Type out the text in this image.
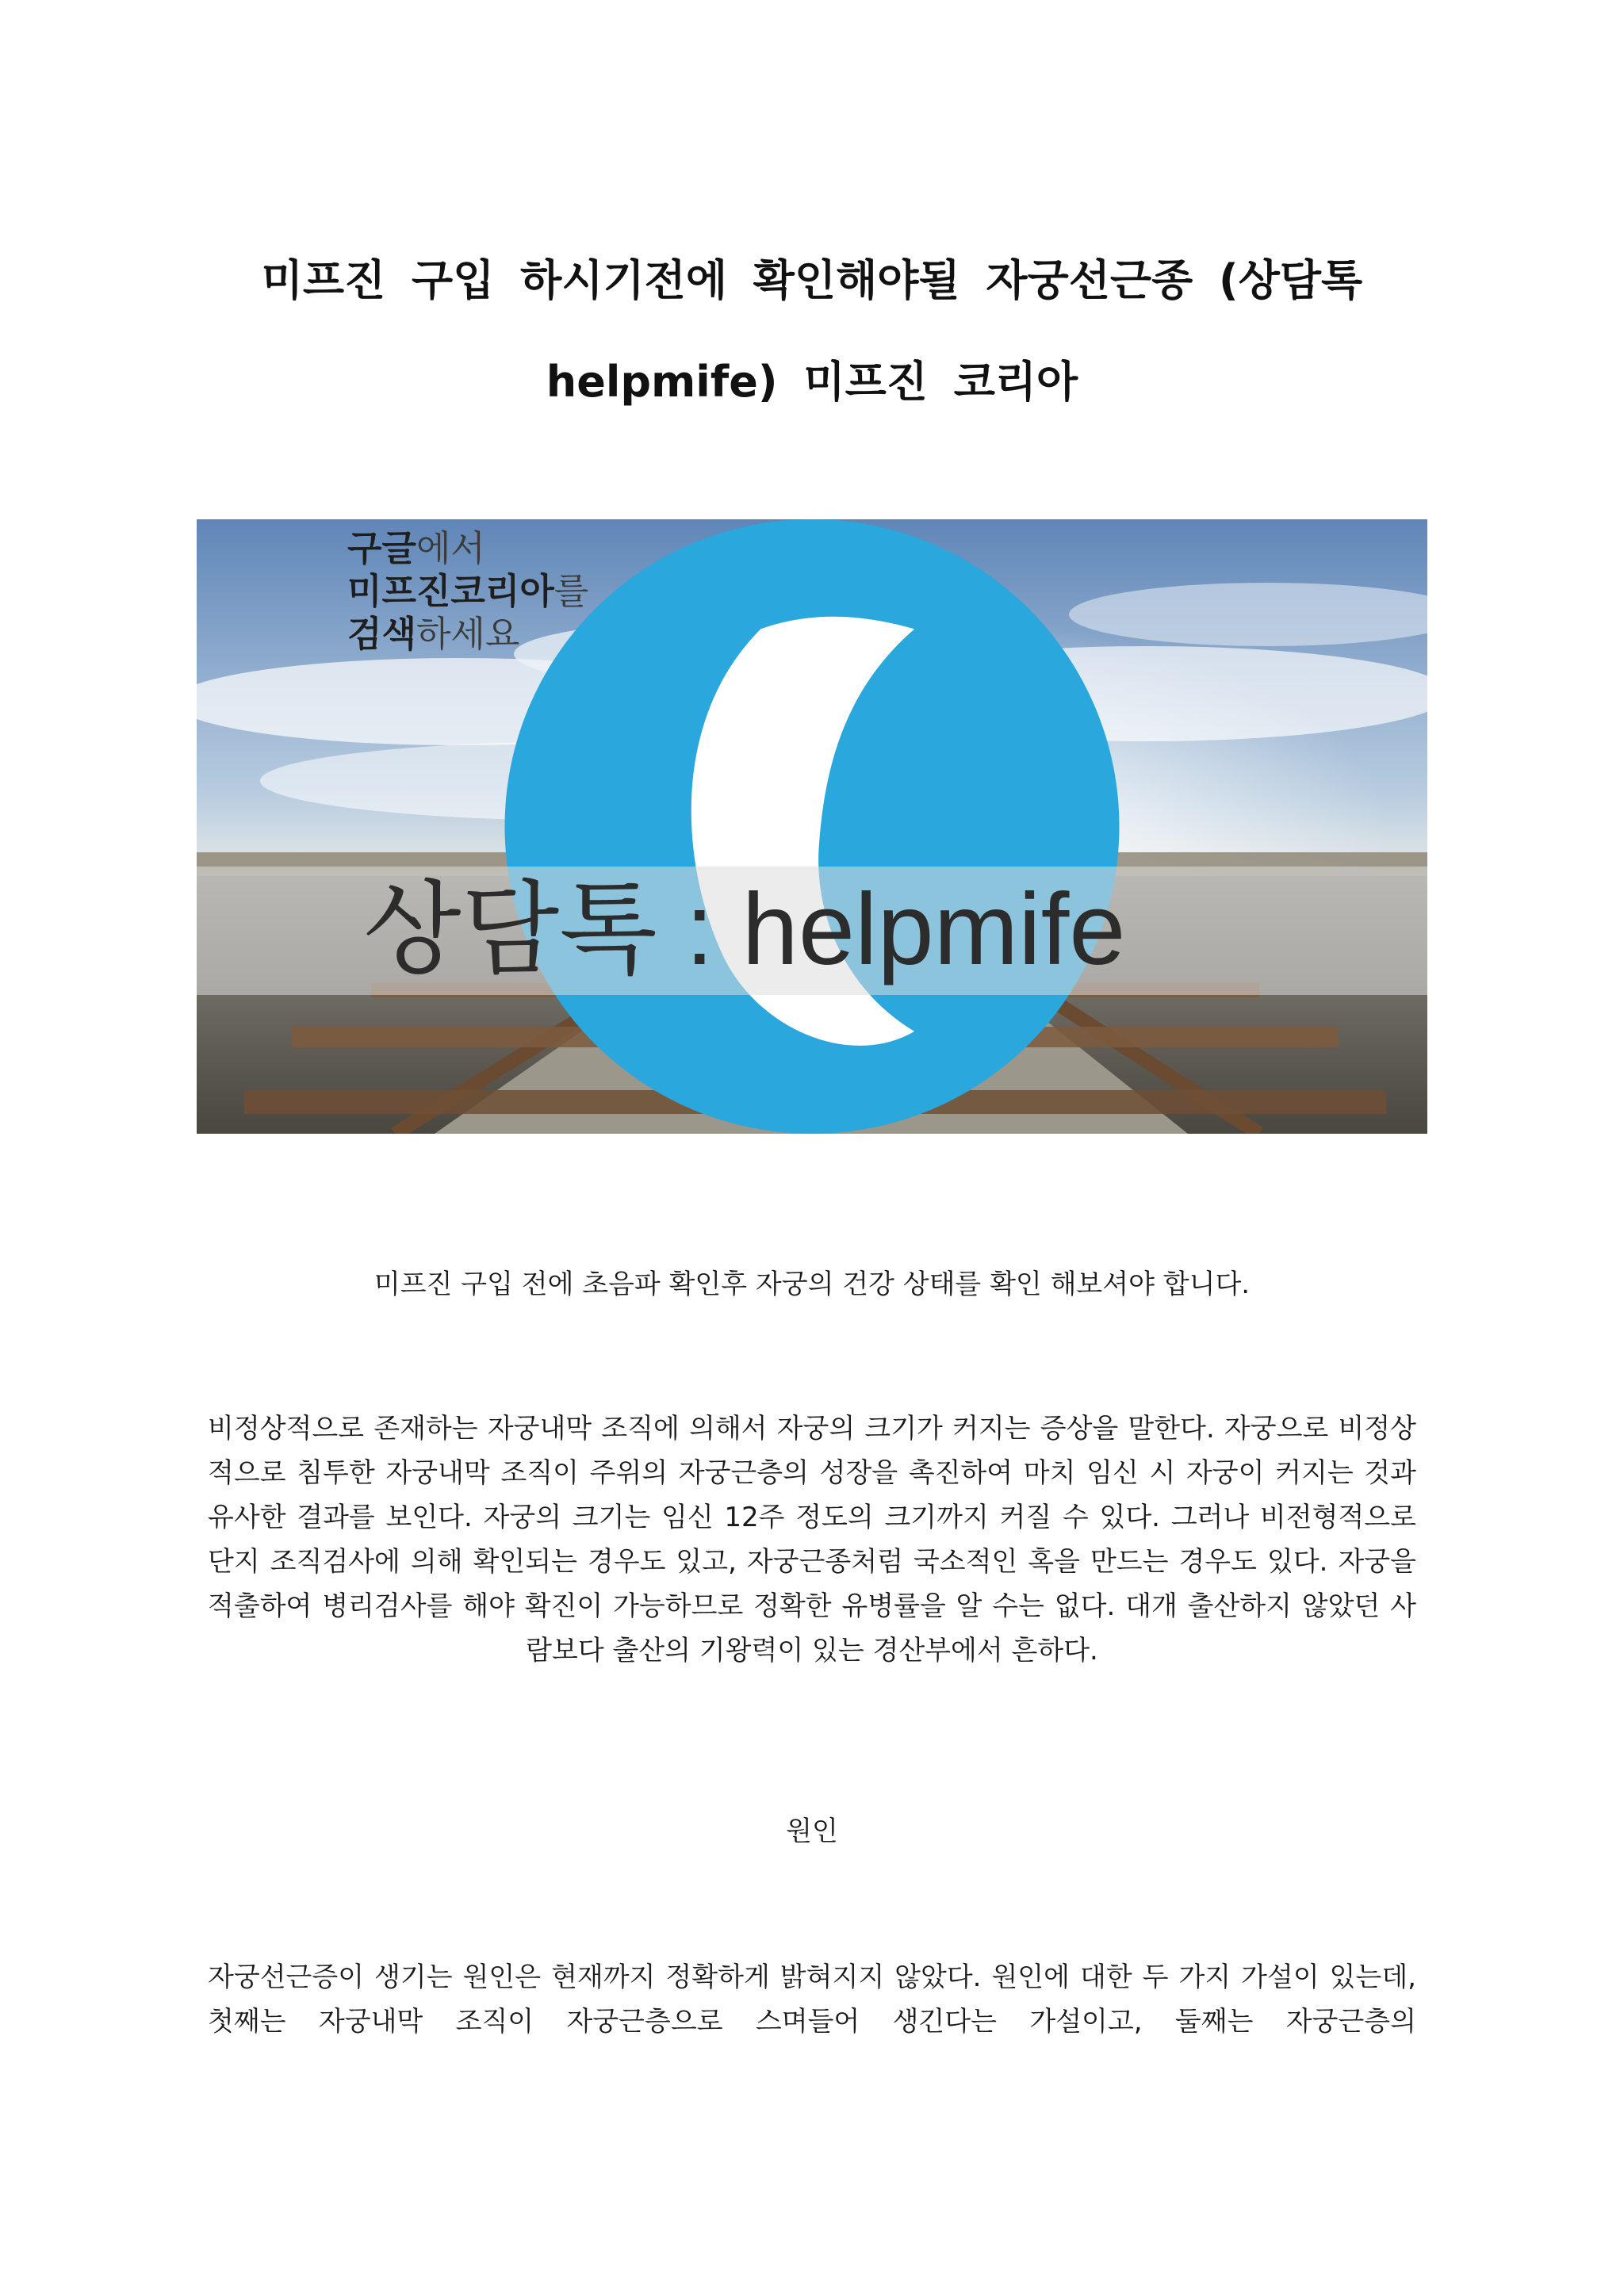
미프진 구입 하시기전에 확인해야될 자궁선근종 (상담톡 helpmife) 미프진 코리아
구글에서
미프진코리아를
검색하세요
상담톡 : helpmife

미프진 구입 전에 초음파 확인후 자궁의 건강 상태를 확인 해보셔야 합니다.

비정상적으로 존재하는 자궁내막 조직에 의해서 자궁의 크기가 커지는 증상을 말한다. 자궁으로 비정상적으로 침투한 자궁내막 조직이 주위의 자궁근층의 성장을 촉진하여 마치 임신 시 자궁이 커지는 것과 유사한 결과를 보인다. 자궁의 크기는 임신 12주 정도의 크기까지 커질 수 있다. 그러나 비전형적으로 단지 조직검사에 의해 확인되는 경우도 있고, 자궁근종처럼 국소적인 혹을 만드는 경우도 있다. 자궁을 적출하여 병리검사를 해야 확진이 가능하므로 정확한 유병률을 알 수는 없다. 대개 출산하지 않았던 사람보다 출산의 기왕력이 있는 경산부에서 흔하다.

원인

자궁선근증이 생기는 원인은 현재까지 정확하게 밝혀지지 않았다. 원인에 대한 두 가지 가설이 있는데, 첫째는 자궁내막 조직이 자궁근층으로 스며들어 생긴다는 가설이고, 둘째는 자궁근층의
